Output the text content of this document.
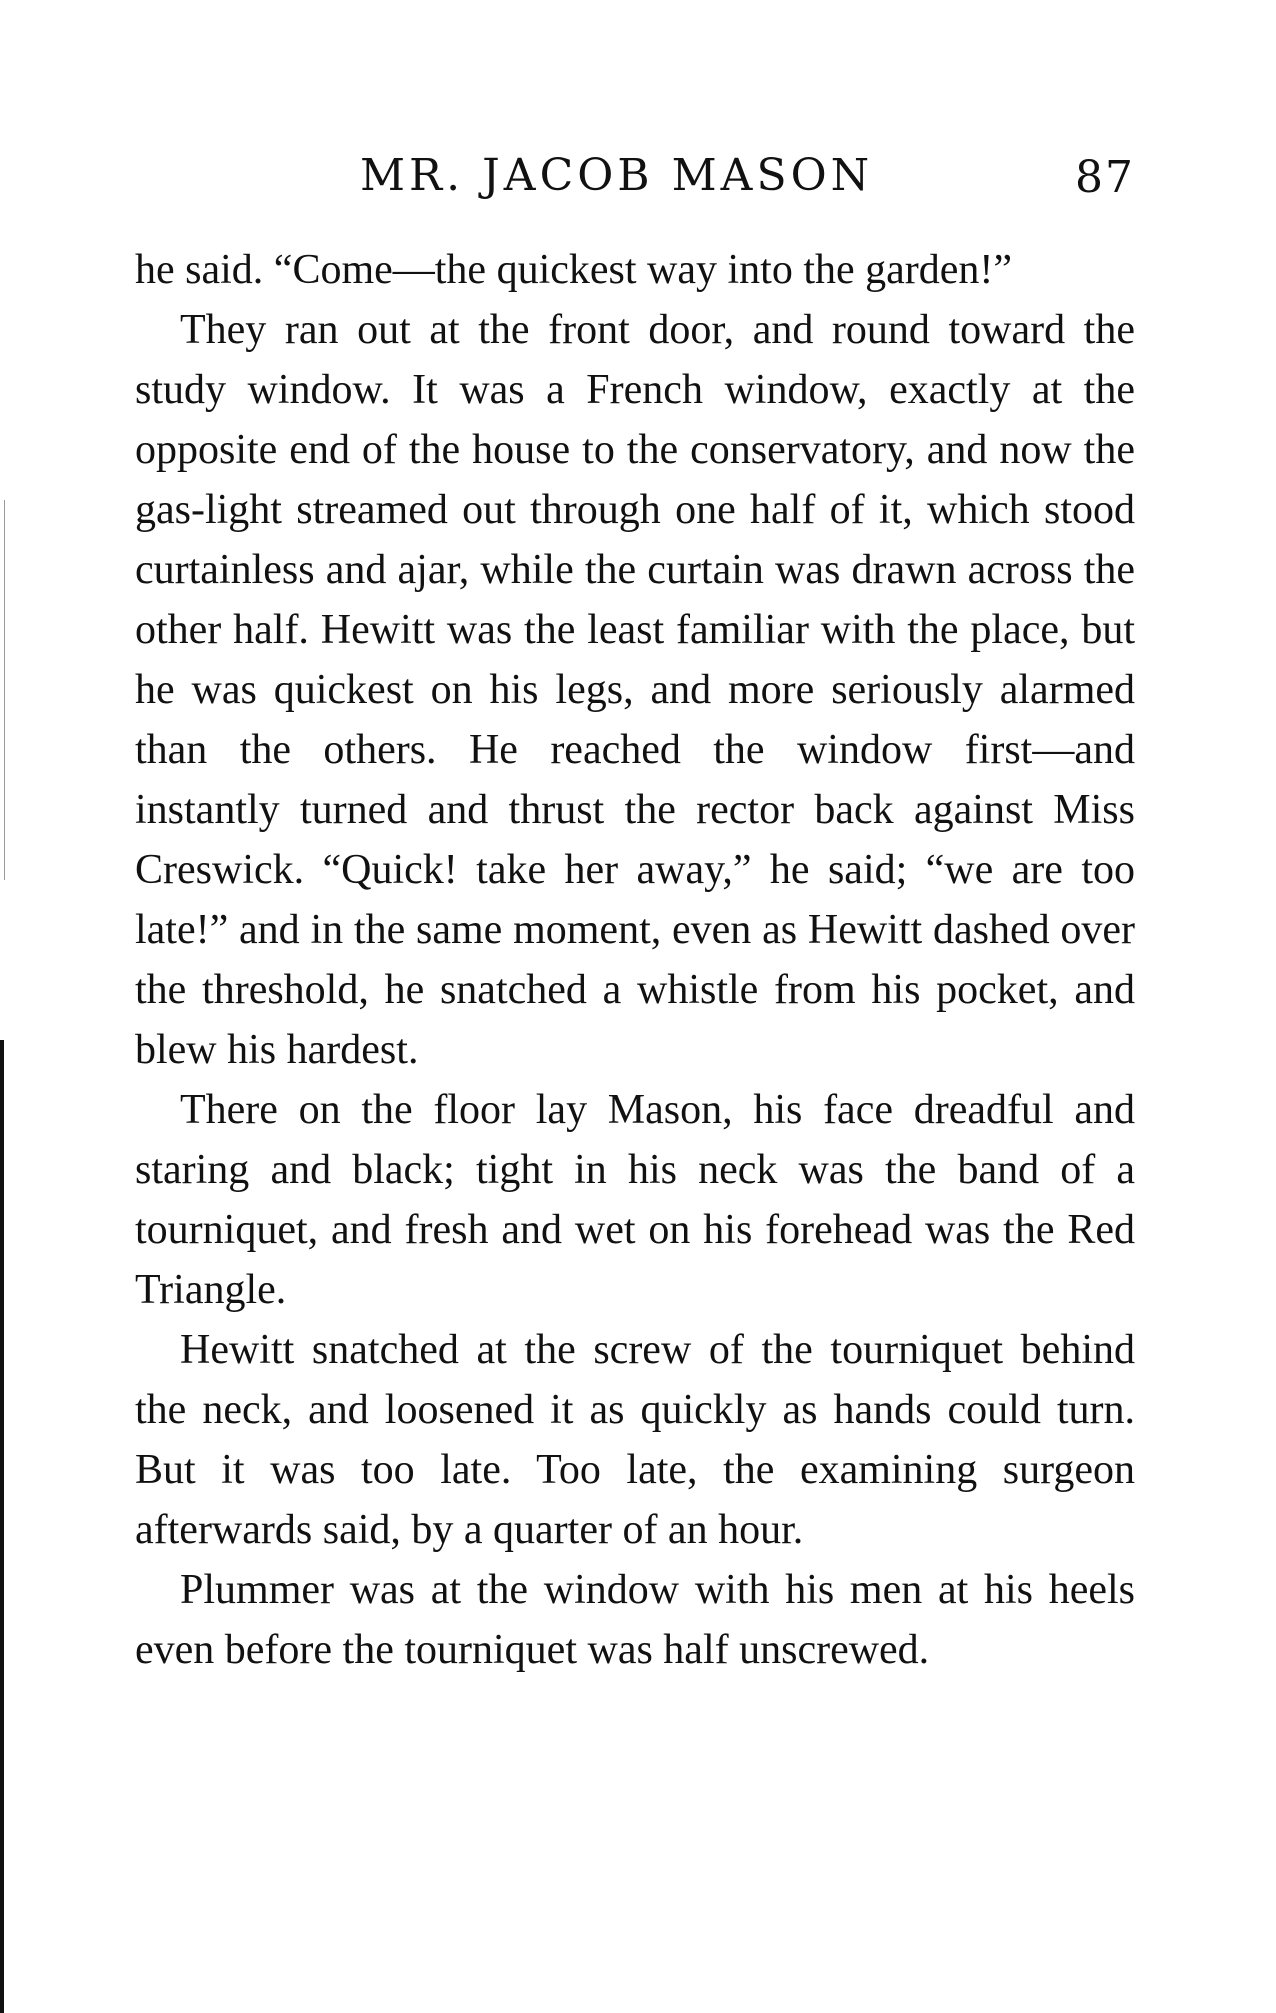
MR. JACOB MASON	87

he said. “Come—the quickest way into the garden!”

They ran out at the front door, and round toward the study window. It was a French window, exactly at the opposite end of the house to the conservatory, and now the gas-light streamed out through one half of it, which stood curtainless and ajar, while the curtain was drawn across the other half. Hewitt was the least familiar with the place, but he was quickest on his legs, and more seriously alarmed than the others. He reached the window first—and instantly turned and thrust the rector back against Miss Creswick. “Quick! take her away,” he said; “we are too late!” and in the same moment, even as Hewitt dashed over the threshold, he snatched a whistle from his pocket, and blew his hardest.

There on the floor lay Mason, his face dreadful and staring and black; tight in his neck was the band of a tourniquet, and fresh and wet on his forehead was the Red Triangle.

Hewitt snatched at the screw of the tourniquet behind the neck, and loosened it as quickly as hands could turn. But it was too late. Too late, the examining surgeon afterwards said, by a quarter of an hour.

Plummer was at the window with his men at his heels even before the tourniquet was half unscrewed.
